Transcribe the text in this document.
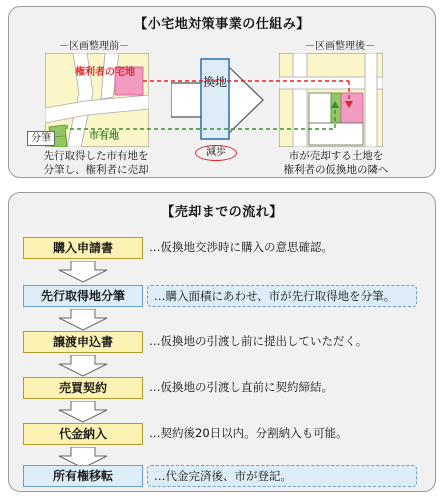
【小宅地対策事業の仕組み】
－区画整理前－	－区画整理後－
権利者の宅地
市有地
分筆
換地
減歩
先行取得した市有地を
分筆し、権利者に売却
市が売却する土地を
権利者の仮換地の隣へ
【売却までの流れ】
購入申請書	…仮換地交渉時に購入の意思確認。
先行取得地分筆	…購入面積にあわせ、市が先行取得地を分筆。
譲渡申込書	…仮換地の引渡し前に提出していただく。
売買契約	…仮換地の引渡し直前に契約締結。
代金納入	…契約後20日以内。分割納入も可能。
所有権移転	…代金完済後、市が登記。
